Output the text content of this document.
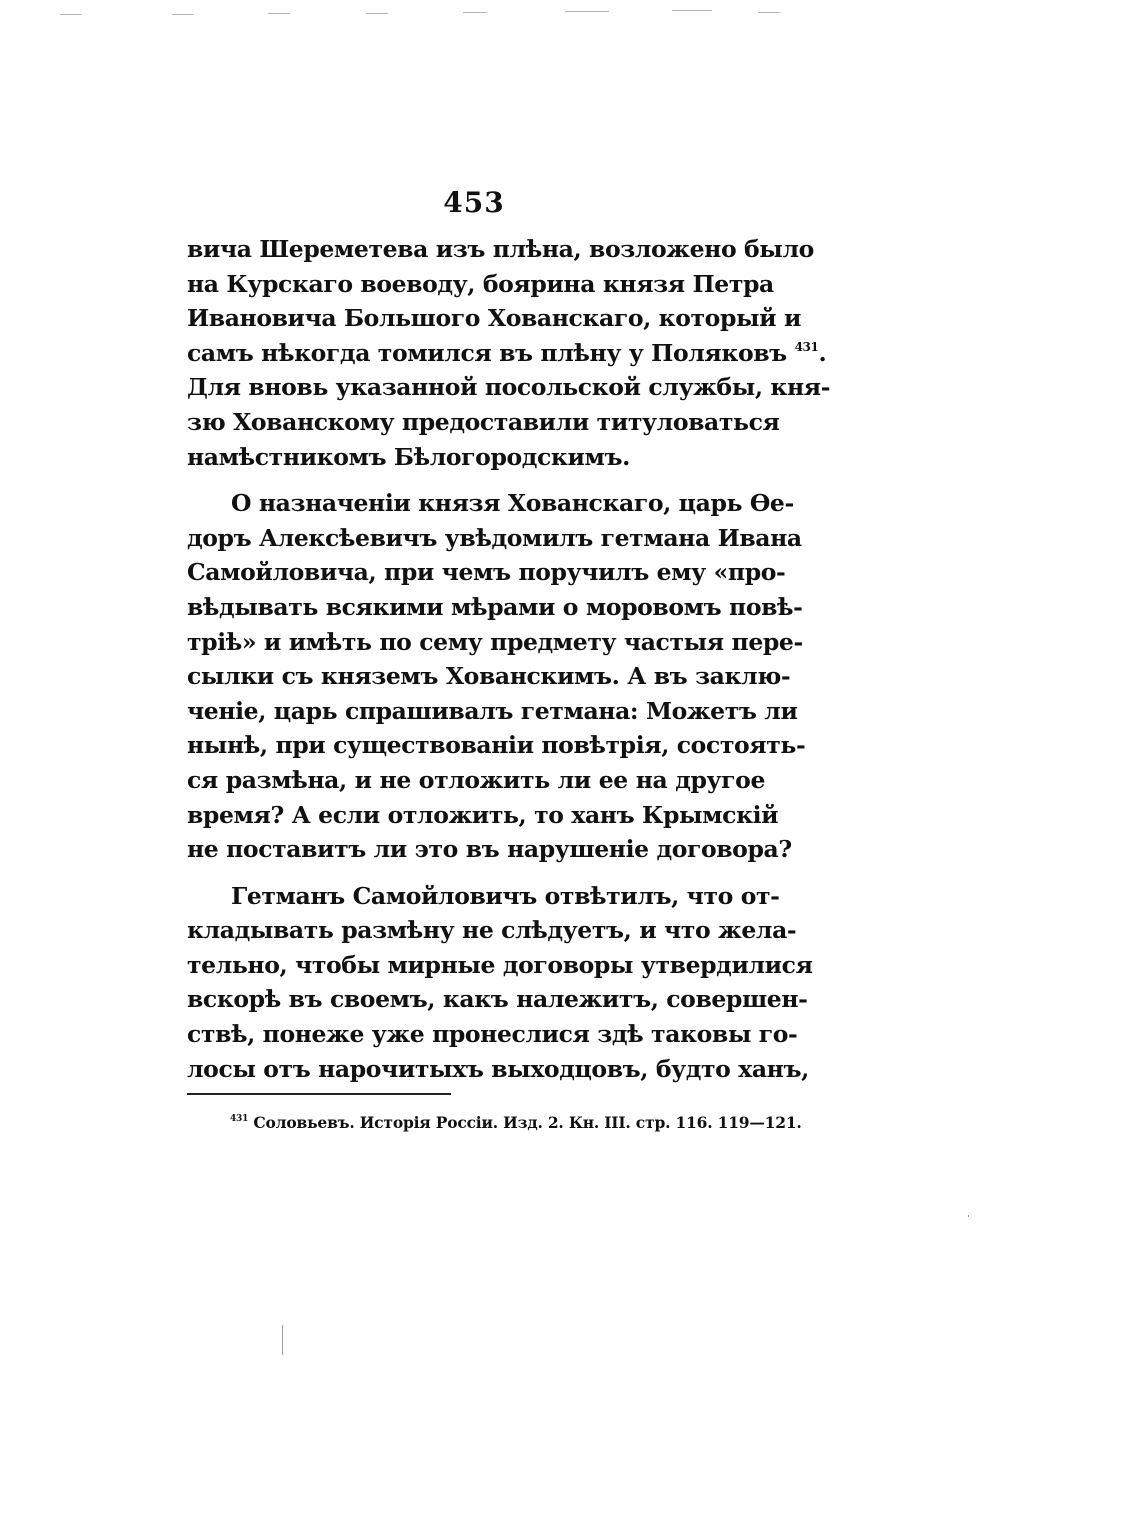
453
вича Шереметева изъ плѣна, возложено было
на Курскаго воеводу, боярина князя Петра
Ивановича Большого Хованскаго, который и
самъ нѣкогда томился въ плѣну у Поляковъ $^{431}$.
Для вновь указанной посольской службы, кня-
зю Хованскому предоставили титуловаться
намѣстникомъ Бѣлогородскимъ.
О назначеніи князя Хованскаго, царь Ѳе-
доръ Алексѣевичъ увѣдомилъ гетмана Ивана
Самойловича, при чемъ поручилъ ему «про-
вѣдывать всякими мѣрами о моровомъ повѣ-
тріѣ» и имѣть по сему предмету частыя пере-
сылки съ княземъ Хованскимъ. А въ заклю-
ченіе, царь спрашивалъ гетмана: Можетъ ли
нынѣ, при существованіи повѣтрія, состоять-
ся размѣна, и не отложить ли ее на другое
время? А если отложить, то ханъ Крымскій
не поставитъ ли это въ нарушеніе договора?
Гетманъ Самойловичъ отвѣтилъ, что от-
кладывать размѣну не слѣдуетъ, и что жела-
тельно, чтобы мирные договоры утвердилися
вскорѣ въ своемъ, какъ належитъ, совершен-
ствѣ, понеже уже пронеслися здѣ таковы го-
лосы отъ нарочитыхъ выходцовъ, будто ханъ,
$^{431}$ Соловьевъ. Исторія Россіи. Изд. 2. Кн. III. стр. 116. 119—121.
